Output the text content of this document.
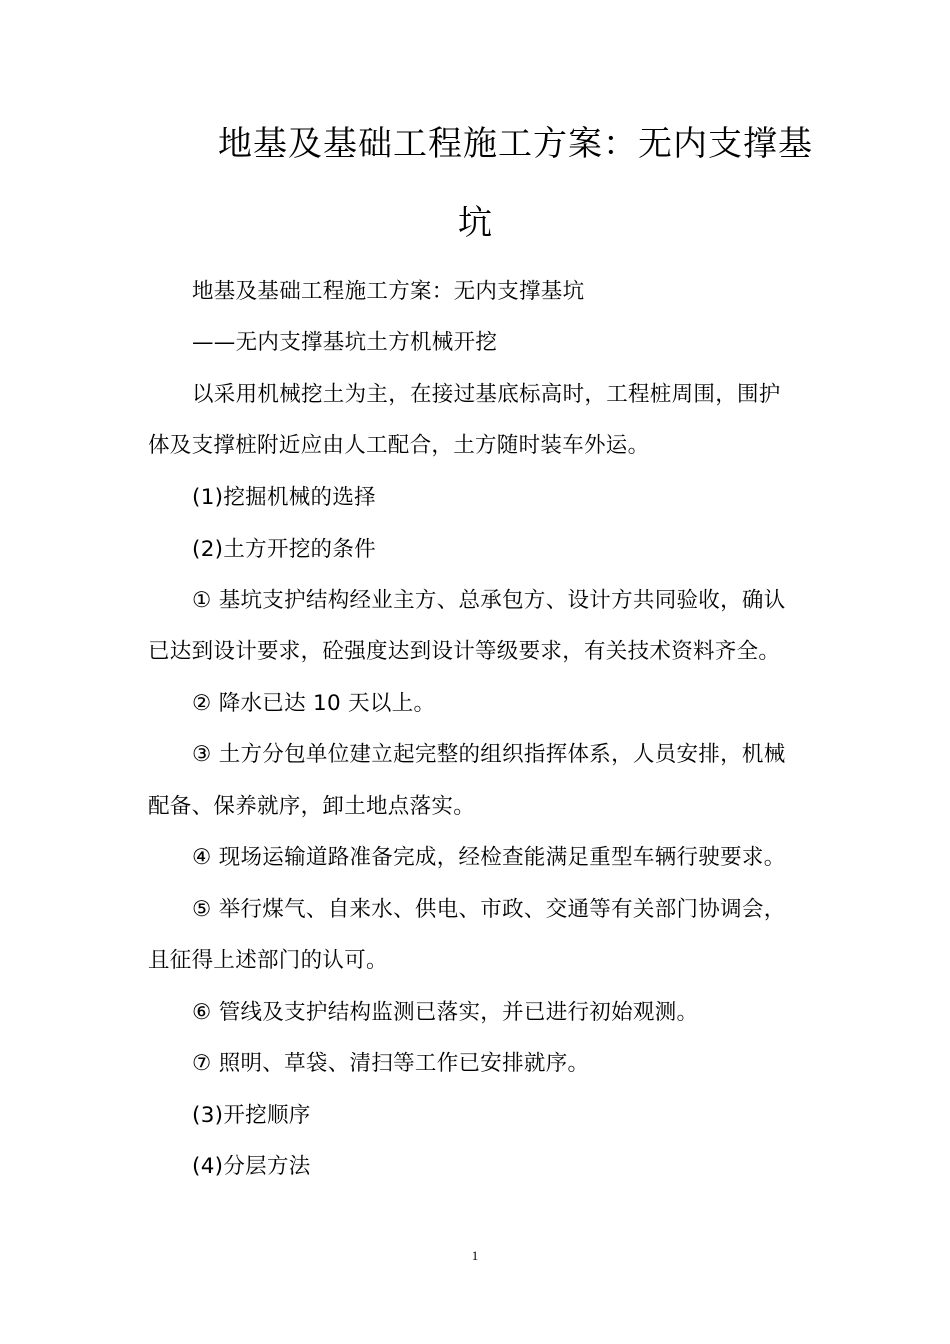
地基及基础工程施工方案：无内支撑基
坑
地基及基础工程施工方案：无内支撑基坑
——无内支撑基坑土方机械开挖
以采用机械挖土为主，在接过基底标高时，工程桩周围，围护
体及支撑桩附近应由人工配合，土方随时装车外运。
(1)挖掘机械的选择
(2)土方开挖的条件
① 基坑支护结构经业主方、总承包方、设计方共同验收，确认
已达到设计要求，砼强度达到设计等级要求，有关技术资料齐全。
② 降水已达 10 天以上。
③ 土方分包单位建立起完整的组织指挥体系，人员安排，机械
配备、保养就序，卸土地点落实。
④ 现场运输道路准备完成，经检查能满足重型车辆行驶要求。
⑤ 举行煤气、自来水、供电、市政、交通等有关部门协调会，
且征得上述部门的认可。
⑥ 管线及支护结构监测已落实，并已进行初始观测。
⑦ 照明、草袋、清扫等工作已安排就序。
(3)开挖顺序
(4)分层方法
1
